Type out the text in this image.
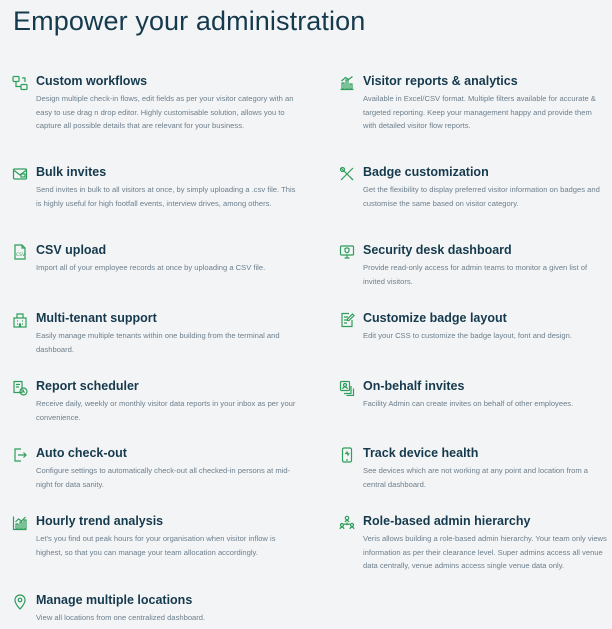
Empower your administration
Custom workflows
Design multiple check-in flows, edit fields as per your visitor category with an easy to use drag n drop editor. Highly customisable solution, allows you to capture all possible details that are relevant for your business.
Bulk invites
Send invites in bulk to all visitors at once, by simply uploading a .csv file. This is highly useful for high footfall events, interview drives, among others.
CSV CSV upload
Import all of your employee records at once by uploading a CSV file.
Multi-tenant support
Easily manage multiple tenants within one building from the terminal and dashboard.
Report scheduler
Receive daily, weekly or monthly visitor data reports in your inbox as per your convenience.
Auto check-out
Configure settings to automatically check-out all checked-in persons at mid-night for data sanity.
Hourly trend analysis
Let's you find out peak hours for your organisation when visitor inflow is highest, so that you can manage your team allocation accordingly.
Manage multiple locations
View all locations from one centralized dashboard.
Visitor reports & analytics
Available in Excel/CSV format. Multiple filters available for accurate & targeted reporting. Keep your management happy and provide them with detailed visitor flow reports.
Badge customization
Get the flexibility to display preferred visitor information on badges and customise the same based on visitor category.
Security desk dashboard
Provide read-only access for admin teams to monitor a given list of invited visitors.
Customize badge layout
Edit your CSS to customize the badge layout, font and design.
On-behalf invites
Facility Admin can create invites on behalf of other employees.
Track device health
See devices which are not working at any point and location from a central dashboard.
Role-based admin hierarchy
Veris allows building a role-based admin hierarchy. Your team only views information as per their clearance level. Super admins access all venue data centrally, venue admins access single venue data only.
